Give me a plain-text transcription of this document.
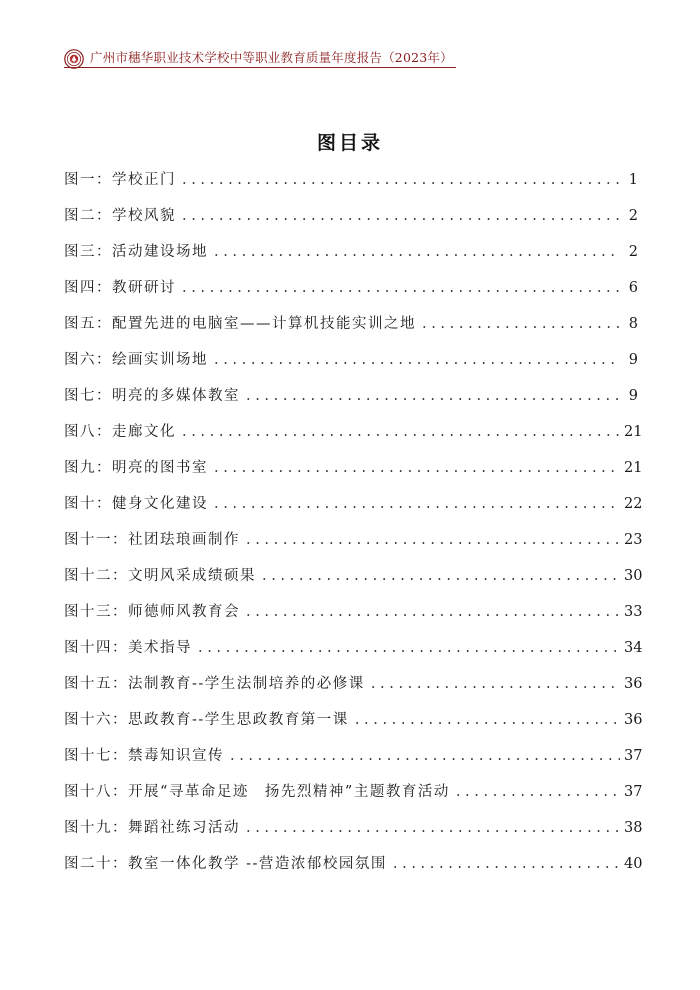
广州市穗华职业技术学校中等职业教育质量年度报告（2023年）
图目录
图一：学校正门 . . .	1
图二：学校风貌 . . .	2
图三：活动建设场地 . . .	2
图四：教研研讨 . . .	6
图五：配置先进的电脑室——计算机技能实训之地 . . .	8
图六：绘画实训场地 . . .	9
图七：明亮的多媒体教室 . . .	9
图八：走廊文化 . . .	21
图九：明亮的图书室 . . .	21
图十：健身文化建设 . . .	22
图十一：社团珐琅画制作 . . .	23
图十二：文明风采成绩硕果 . . .	30
图十三：师德师风教育会 . . .	33
图十四：美术指导 . . .	34
图十五：法制教育--学生法制培养的必修课 . . .	36
图十六：思政教育--学生思政教育第一课 . . .	36
图十七：禁毒知识宣传 . . .	37
图十八：开展“寻革命足迹　扬先烈精神”主题教育活动 . . .	37
图十九：舞蹈社练习活动 . . .	38
图二十：教室一体化教学 --营造浓郁校园氛围 . . .	40
